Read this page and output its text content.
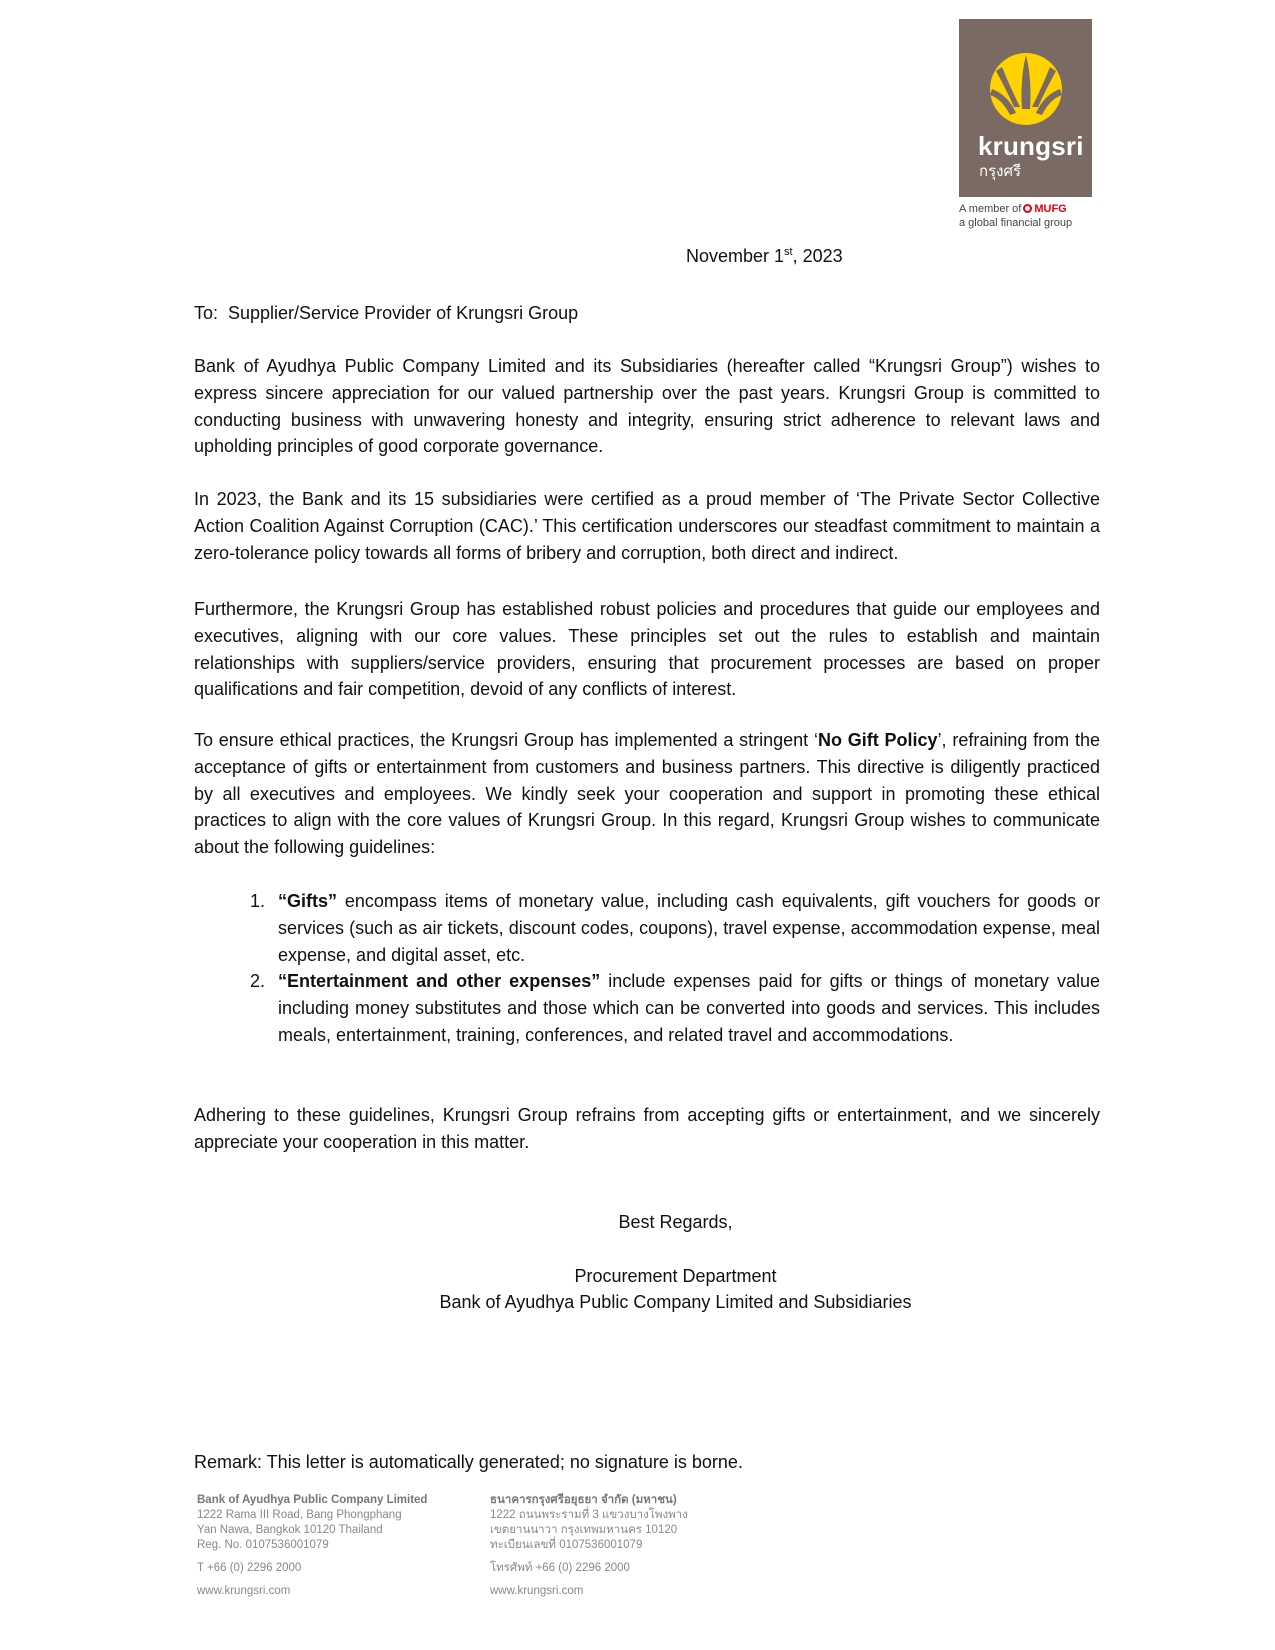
krungsri
กรุงศรี
A member of MUFG
a global financial group
November 1st, 2023

To:  Supplier/Service Provider of Krungsri Group

Bank of Ayudhya Public Company Limited and its Subsidiaries (hereafter called “Krungsri Group”) wishes to express sincere appreciation for our valued partnership over the past years. Krungsri Group is committed to conducting business with unwavering honesty and integrity, ensuring strict adherence to relevant laws and upholding principles of good corporate governance.

In 2023, the Bank and its 15 subsidiaries were certified as a proud member of ‘The Private Sector Collective Action Coalition Against Corruption (CAC).’ This certification underscores our steadfast commitment to maintain a zero-tolerance policy towards all forms of bribery and corruption, both direct and indirect.

Furthermore, the Krungsri Group has established robust policies and procedures that guide our employees and executives, aligning with our core values. These principles set out the rules to establish and maintain relationships with suppliers/service providers, ensuring that procurement processes are based on proper qualifications and fair competition, devoid of any conflicts of interest.

To ensure ethical practices, the Krungsri Group has implemented a stringent ‘No Gift Policy’, refraining from the acceptance of gifts or entertainment from customers and business partners. This directive is diligently practiced by all executives and employees. We kindly seek your cooperation and support in promoting these ethical practices to align with the core values of Krungsri Group. In this regard, Krungsri Group wishes to communicate about the following guidelines:

1. “Gifts” encompass items of monetary value, including cash equivalents, gift vouchers for goods or services (such as air tickets, discount codes, coupons), travel expense, accommodation expense, meal expense, and digital asset, etc.
2. “Entertainment and other expenses” include expenses paid for gifts or things of monetary value including money substitutes and those which can be converted into goods and services. This includes meals, entertainment, training, conferences, and related travel and accommodations.

Adhering to these guidelines, Krungsri Group refrains from accepting gifts or entertainment, and we sincerely appreciate your cooperation in this matter.

Best Regards,
Procurement Department
Bank of Ayudhya Public Company Limited and Subsidiaries
Remark: This letter is automatically generated; no signature is borne.
Bank of Ayudhya Public Company Limited
1222 Rama III Road, Bang Phongphang
Yan Nawa, Bangkok 10120 Thailand
Reg. No. 0107536001079
T +66 (0) 2296 2000
www.krungsri.com
ธนาคารกรุงศรีอยุธยา จำกัด (มหาชน)
1222 ถนนพระรามที่ 3 แขวงบางโพงพาง
เขตยานนาวา กรุงเทพมหานคร 10120
ทะเบียนเลขที่ 0107536001079
โทรศัพท์ +66 (0) 2296 2000
www.krungsri.com
